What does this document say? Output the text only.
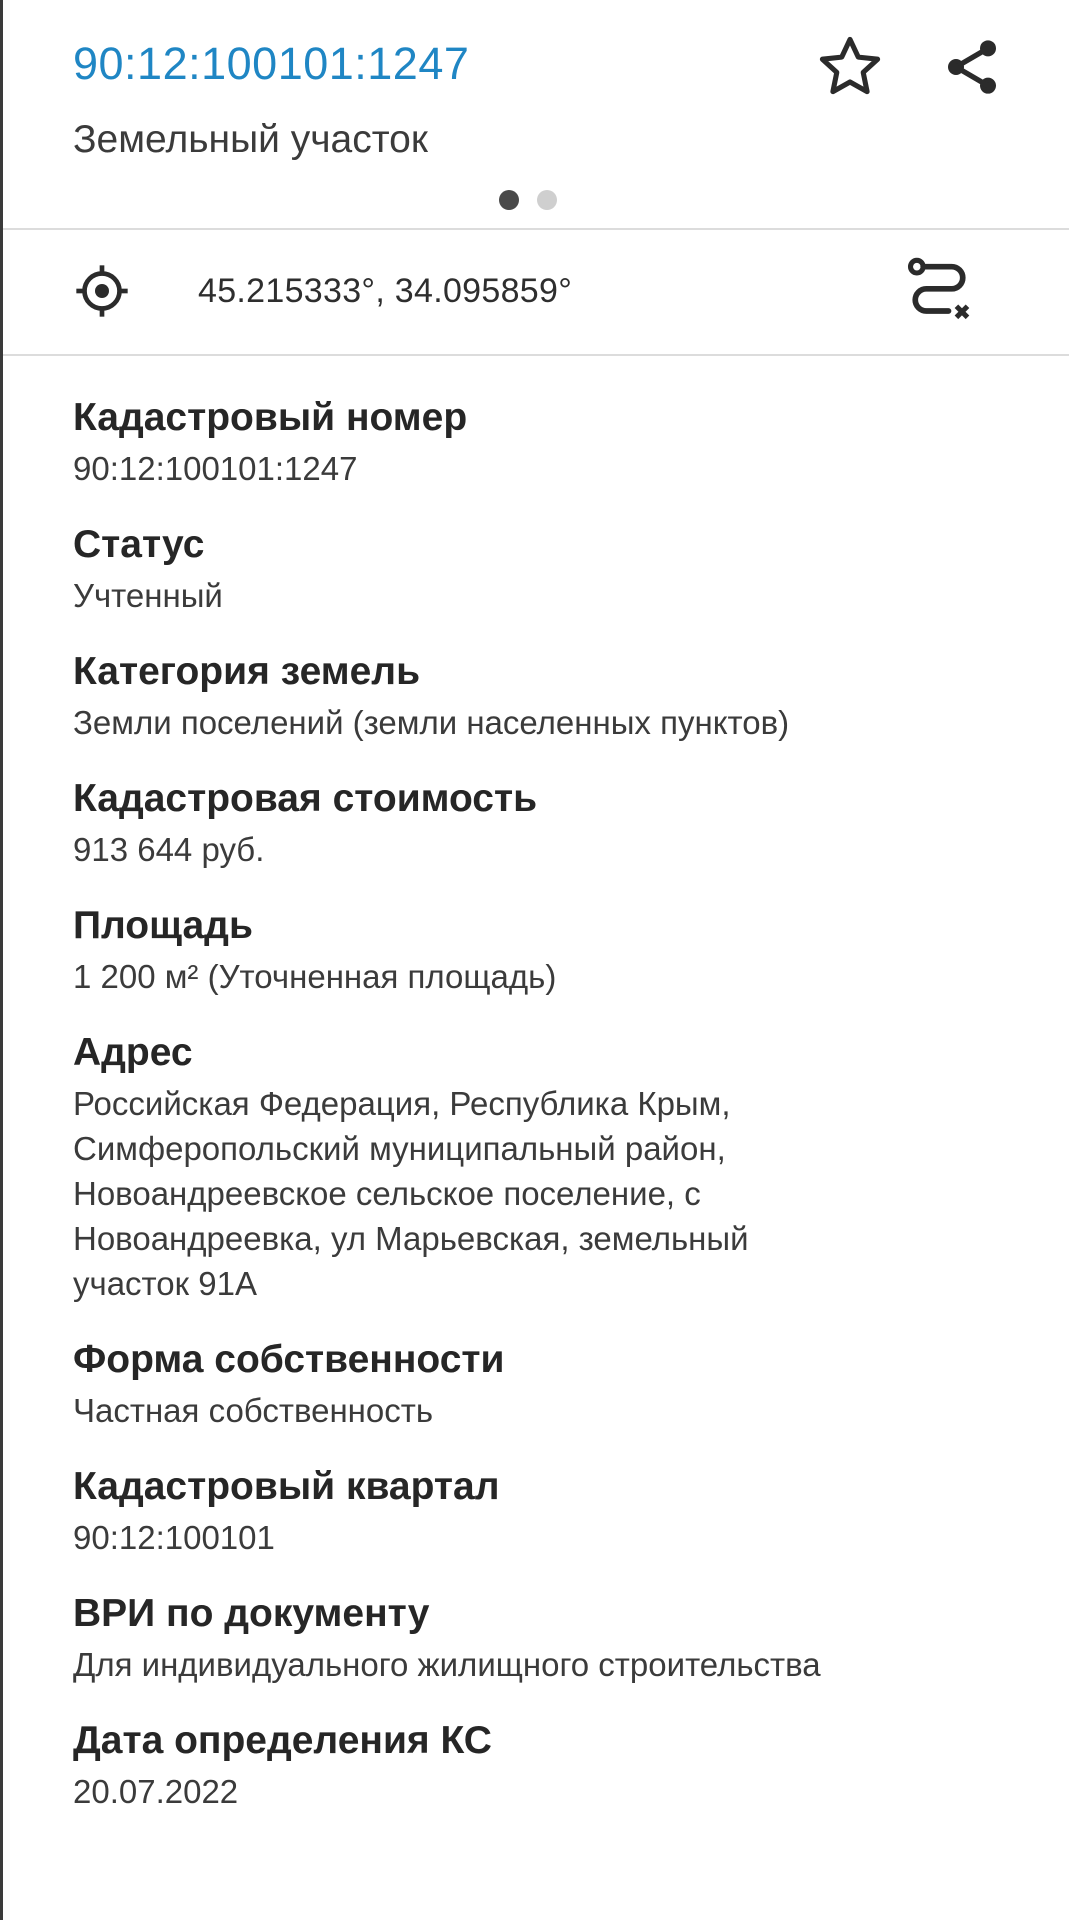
90:12:100101:1247
Земельный участок
45.215333°, 34.095859°
Кадастровый номер
90:12:100101:1247
Статус
Учтенный
Категория земель
Земли поселений (земли населенных пунктов)
Кадастровая стоимость
913 644 руб.
Площадь
1 200 м² (Уточненная площадь)
Адрес
Российская Федерация, Республика Крым,
Симферопольский муниципальный район,
Новоандреевское сельское поселение, с
Новоандреевка, ул Марьевская, земельный
участок 91А
Форма собственности
Частная собственность
Кадастровый квартал
90:12:100101
ВРИ по документу
Для индивидуального жилищного строительства
Дата определения КС
20.07.2022
